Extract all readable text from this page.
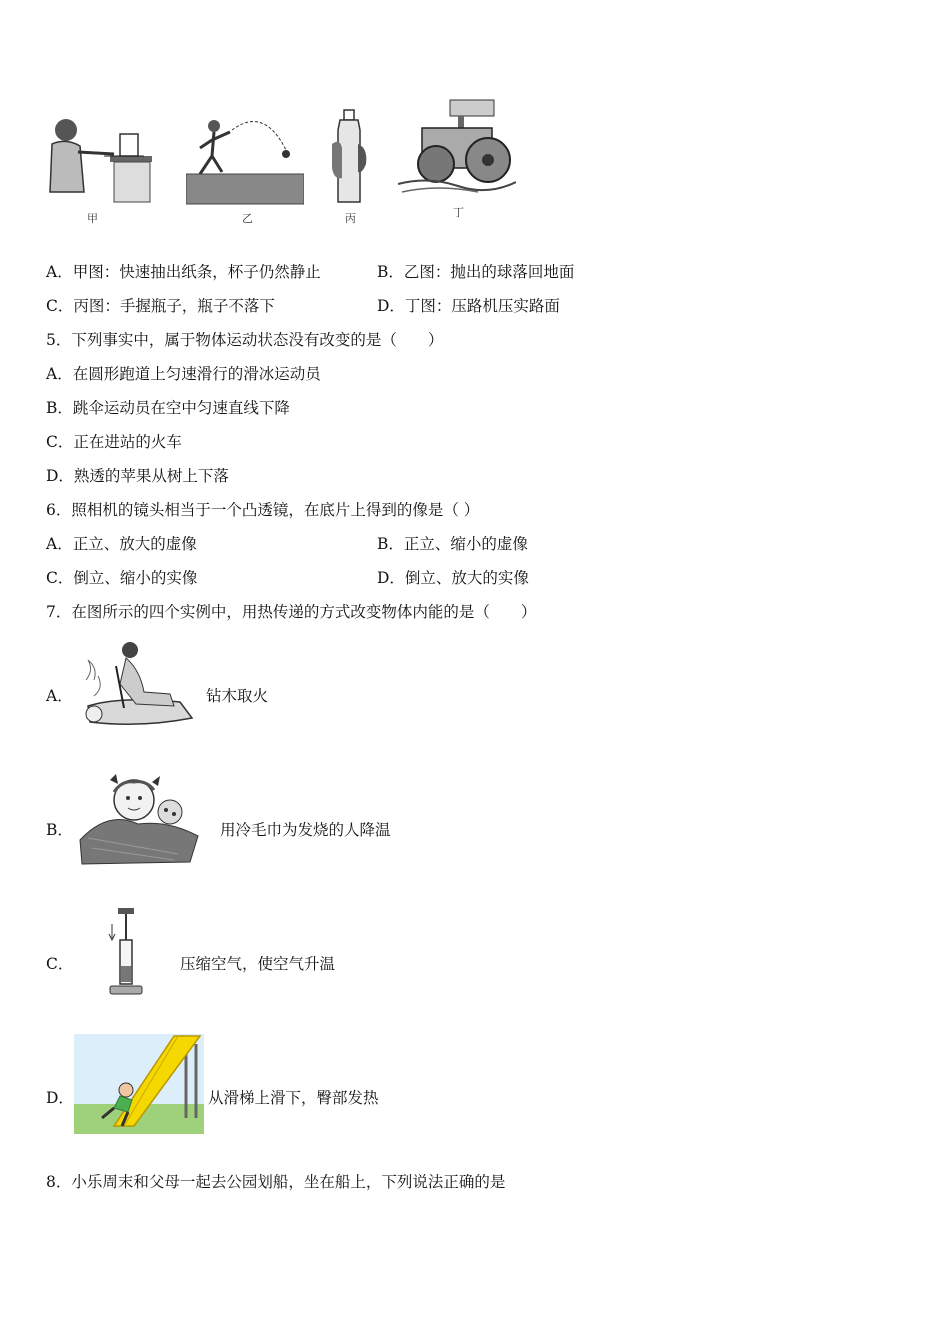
甲	乙	丙	丁
A．甲图：快速抽出纸条，杯子仍然静止	B．乙图：抛出的球落回地面
C．丙图：手握瓶子，瓶子不落下	D．丁图：压路机压实路面
5．下列事实中，属于物体运动状态没有改变的是（　　）
A．在圆形跑道上匀速滑行的滑冰运动员
B．跳伞运动员在空中匀速直线下降
C．正在进站的火车
D．熟透的苹果从树上下落
6．照相机的镜头相当于一个凸透镜，在底片上得到的像是（ ）
A．正立、放大的虚像	B．正立、缩小的虚像
C．倒立、缩小的实像	D．倒立、放大的实像
7．在图所示的四个实例中，用热传递的方式改变物体内能的是（　　）
A．	钻木取火
B．	用冷毛巾为发烧的人降温
C．	压缩空气，使空气升温
D．	从滑梯上滑下，臀部发热
8．小乐周末和父母一起去公园划船，坐在船上，下列说法正确的是
